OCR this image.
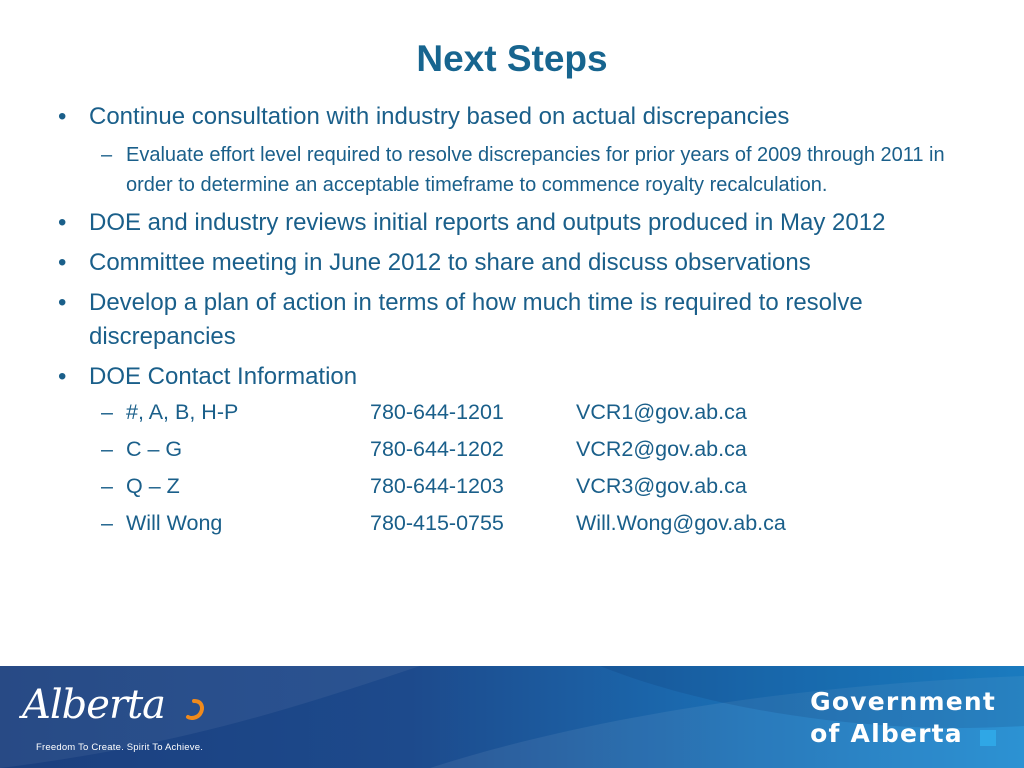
Next Steps
• Continue consultation with industry based on actual discrepancies
– Evaluate effort level required to resolve discrepancies for prior years of 2009 through 2011 in order to determine an acceptable timeframe to commence royalty recalculation.
• DOE and industry reviews initial reports and outputs produced in May 2012
• Committee meeting in June 2012 to share and discuss observations
• Develop a plan of action in terms of how much time is required to resolve discrepancies
• DOE Contact Information
– #, A, B, H-P	780-644-1201	VCR1@gov.ab.ca
– C – G	780-644-1202	VCR2@gov.ab.ca
– Q – Z	780-644-1203	VCR3@gov.ab.ca
– Will Wong	780-415-0755	Will.Wong@gov.ab.ca
Alberta
Freedom To Create. Spirit To Achieve.
Government
of Alberta
